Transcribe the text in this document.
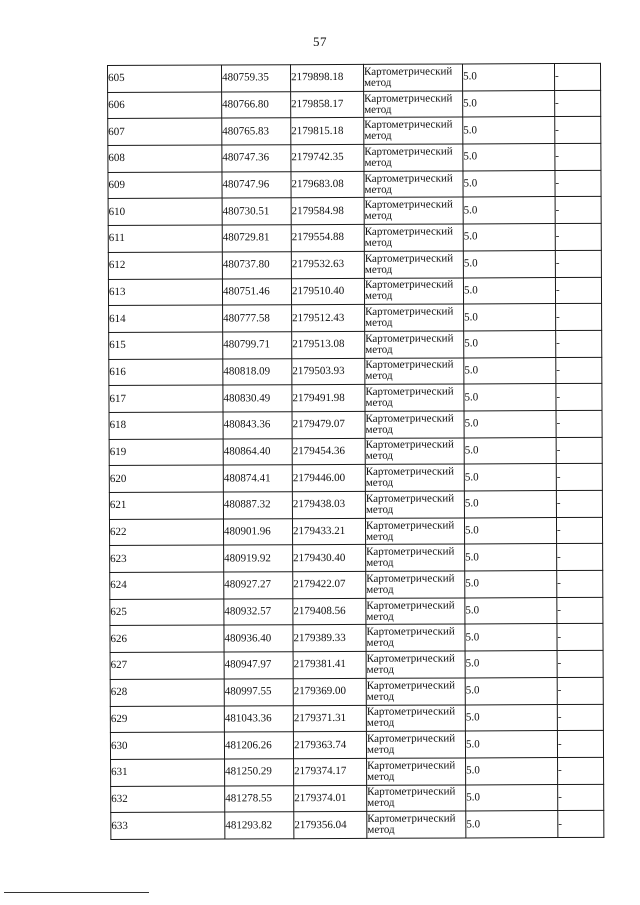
57
605	480759.35	2179898.18	Картометрический
метод	5.0	-
606	480766.80	2179858.17	Картометрический
метод	5.0	-
607	480765.83	2179815.18	Картометрический
метод	5.0	-
608	480747.36	2179742.35	Картометрический
метод	5.0	-
609	480747.96	2179683.08	Картометрический
метод	5.0	-
610	480730.51	2179584.98	Картометрический
метод	5.0	-
611	480729.81	2179554.88	Картометрический
метод	5.0	-
612	480737.80	2179532.63	Картометрический
метод	5.0	-
613	480751.46	2179510.40	Картометрический
метод	5.0	-
614	480777.58	2179512.43	Картометрический
метод	5.0	-
615	480799.71	2179513.08	Картометрический
метод	5.0	-
616	480818.09	2179503.93	Картометрический
метод	5.0	-
617	480830.49	2179491.98	Картометрический
метод	5.0	-
618	480843.36	2179479.07	Картометрический
метод	5.0	-
619	480864.40	2179454.36	Картометрический
метод	5.0	-
620	480874.41	2179446.00	Картометрический
метод	5.0	-
621	480887.32	2179438.03	Картометрический
метод	5.0	-
622	480901.96	2179433.21	Картометрический
метод	5.0	-
623	480919.92	2179430.40	Картометрический
метод	5.0	-
624	480927.27	2179422.07	Картометрический
метод	5.0	-
625	480932.57	2179408.56	Картометрический
метод	5.0	-
626	480936.40	2179389.33	Картометрический
метод	5.0	-
627	480947.97	2179381.41	Картометрический
метод	5.0	-
628	480997.55	2179369.00	Картометрический
метод	5.0	-
629	481043.36	2179371.31	Картометрический
метод	5.0	-
630	481206.26	2179363.74	Картометрический
метод	5.0	-
631	481250.29	2179374.17	Картометрический
метод	5.0	-
632	481278.55	2179374.01	Картометрический
метод	5.0	-
633	481293.82	2179356.04	Картометрический
метод	5.0	-
